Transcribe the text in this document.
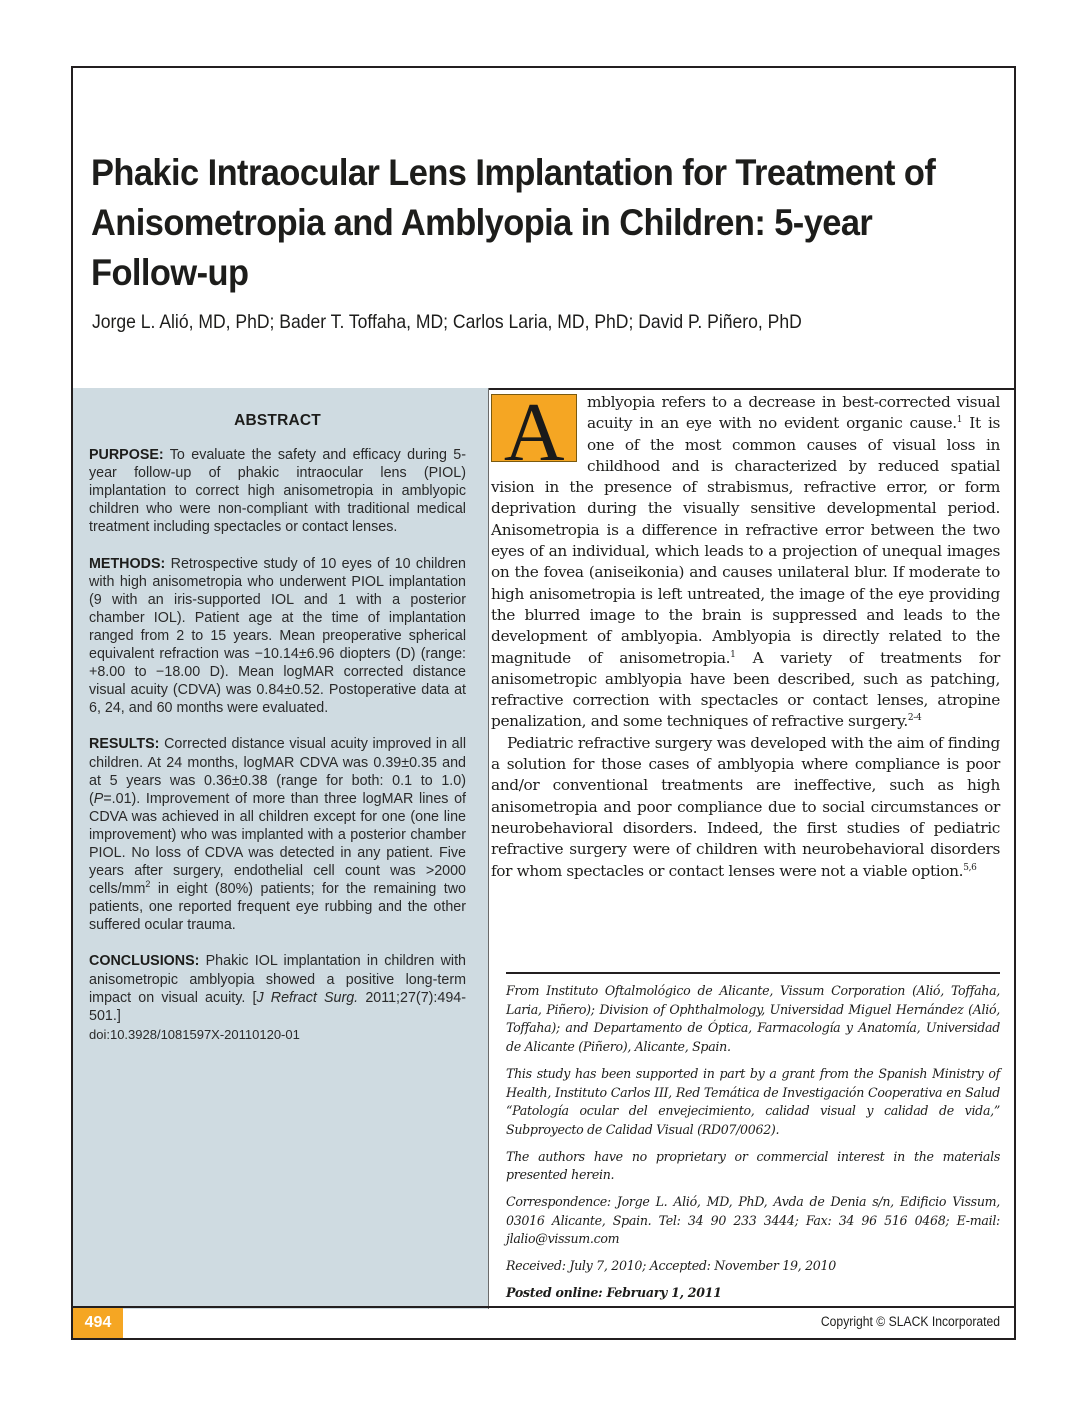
Phakic Intraocular Lens Implantation for Treatment of Anisometropia and Amblyopia in Children: 5-year Follow-up

Jorge L. Alió, MD, PhD; Bader T. Toffaha, MD; Carlos Laria, MD, PhD; David P. Piñero, PhD

ABSTRACT

PURPOSE: To evaluate the safety and efficacy during 5-year follow-up of phakic intraocular lens (PIOL) implantation to correct high anisometropia in amblyopic children who were non-compliant with traditional medical treatment including spectacles or contact lenses.

METHODS: Retrospective study of 10 eyes of 10 children with high anisometropia who underwent PIOL implantation (9 with an iris-supported IOL and 1 with a posterior chamber IOL). Patient age at the time of implantation ranged from 2 to 15 years. Mean preoperative spherical equivalent refraction was −10.14±6.96 diopters (D) (range: +8.00 to −18.00 D). Mean logMAR corrected distance visual acuity (CDVA) was 0.84±0.52. Postoperative data at 6, 24, and 60 months were evaluated.

RESULTS: Corrected distance visual acuity improved in all children. At 24 months, logMAR CDVA was 0.39±0.35 and at 5 years was 0.36±0.38 (range for both: 0.1 to 1.0) (P=.01). Improvement of more than three logMAR lines of CDVA was achieved in all children except for one (one line improvement) who was implanted with a posterior chamber PIOL. No loss of CDVA was detected in any patient. Five years after surgery, endothelial cell count was >2000 cells/$mm^2$ in eight (80%) patients; for the remaining two patients, one reported frequent eye rubbing and the other suffered ocular trauma.

CONCLUSIONS: Phakic IOL implantation in children with anisometropic amblyopia showed a positive long-term impact on visual acuity. [J Refract Surg. 2011;27(7):494-501.]

doi:10.3928/1081597X-20110120-01

A	mblyopia refers to a decrease in best-corrected visual acuity in an eye with no evident organic cause.$^1$ It is one of the most common causes of visual loss in childhood and is characterized by reduced spatial vision in the presence of strabismus, refractive error, or form deprivation during the visually sensitive developmental period. Anisometropia is a difference in refractive error between the two eyes of an individual, which leads to a projection of unequal images on the fovea (aniseikonia) and causes unilateral blur. If moderate to high anisometropia is left untreated, the image of the eye providing the blurred image to the brain is suppressed and leads to the development of amblyopia. Amblyopia is directly related to the magnitude of anisometropia.$^1$ A variety of treatments for anisometropic amblyopia have been described, such as patching, refractive correction with spectacles or contact lenses, atropine penalization, and some techniques of refractive surgery.$^{2-4}$

Pediatric refractive surgery was developed with the aim of finding a solution for those cases of amblyopia where compliance is poor and/or conventional treatments are ineffective, such as high anisometropia and poor compliance due to social circumstances or neurobehavioral disorders. Indeed, the first studies of pediatric refractive surgery were of children with neurobehavioral disorders for whom spectacles or contact lenses were not a viable option.$^{5,6}$

From Instituto Oftalmológico de Alicante, Vissum Corporation (Alió, Toffaha, Laria, Piñero); Division of Ophthalmology, Universidad Miguel Hernández (Alió, Toffaha); and Departamento de Óptica, Farmacología y Anatomía, Universidad de Alicante (Piñero), Alicante, Spain.

This study has been supported in part by a grant from the Spanish Ministry of Health, Instituto Carlos III, Red Temática de Investigación Cooperativa en Salud “Patología ocular del envejecimiento, calidad visual y calidad de vida,” Subproyecto de Calidad Visual (RD07/0062).

The authors have no proprietary or commercial interest in the materials presented herein.

Correspondence: Jorge L. Alió, MD, PhD, Avda de Denia s/n, Edificio Vissum, 03016 Alicante, Spain. Tel: 34 90 233 3444; Fax: 34 96 516 0468; E-mail: jlalio@vissum.com

Received: July 7, 2010; Accepted: November 19, 2010

Posted online: February 1, 2011

494	Copyright © SLACK Incorporated
